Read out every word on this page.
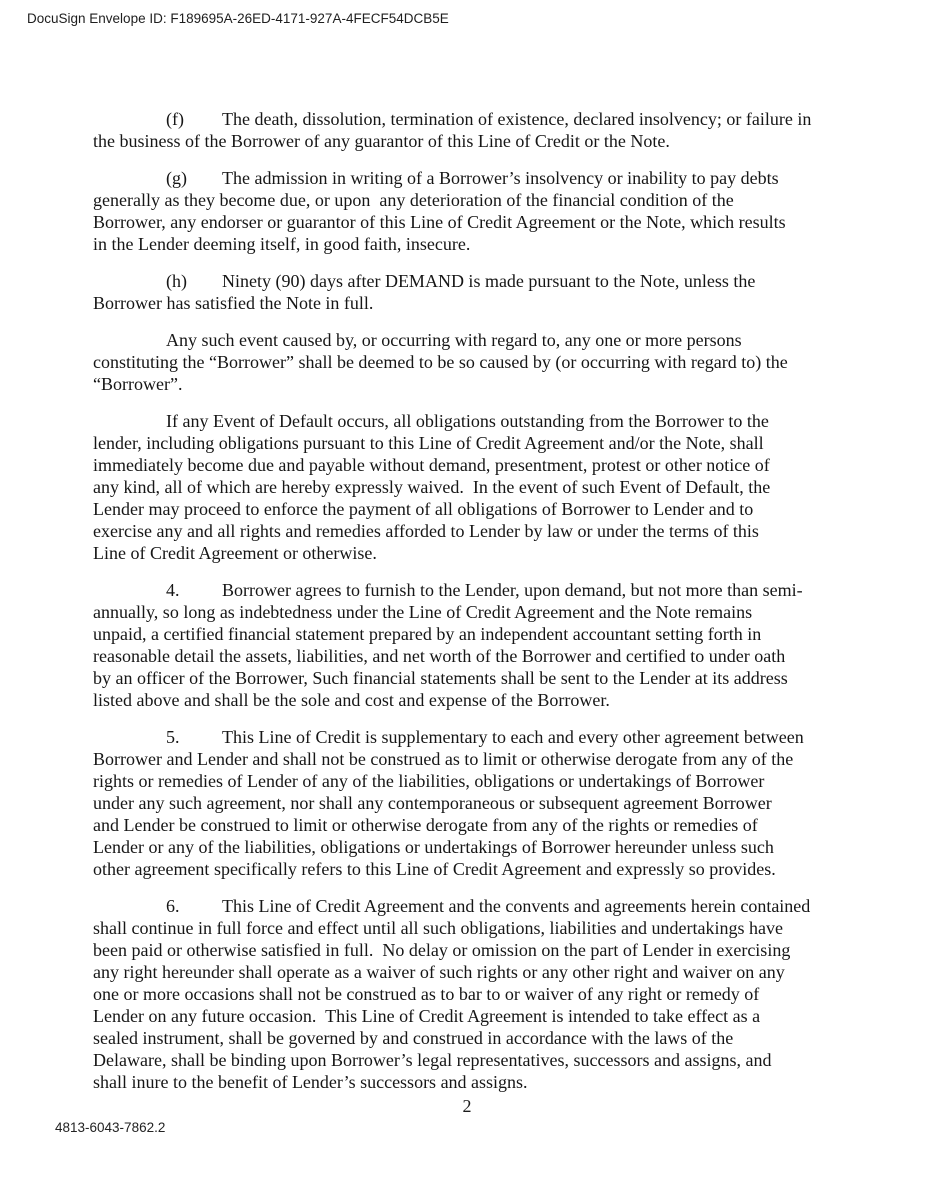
DocuSign Envelope ID: F189695A-26ED-4171-927A-4FECF54DCB5E
(f) The death, dissolution, termination of existence, declared insolvency; or failure in
the business of the Borrower of any guarantor of this Line of Credit or the Note.
(g) The admission in writing of a Borrower’s insolvency or inability to pay debts
generally as they become due, or upon  any deterioration of the financial condition of the
Borrower, any endorser or guarantor of this Line of Credit Agreement or the Note, which results
in the Lender deeming itself, in good faith, insecure.
(h) Ninety (90) days after DEMAND is made pursuant to the Note, unless the
Borrower has satisfied the Note in full.
Any such event caused by, or occurring with regard to, any one or more persons
constituting the “Borrower” shall be deemed to be so caused by (or occurring with regard to) the
“Borrower”.
If any Event of Default occurs, all obligations outstanding from the Borrower to the
lender, including obligations pursuant to this Line of Credit Agreement and/or the Note, shall
immediately become due and payable without demand, presentment, protest or other notice of
any kind, all of which are hereby expressly waived.  In the event of such Event of Default, the
Lender may proceed to enforce the payment of all obligations of Borrower to Lender and to
exercise any and all rights and remedies afforded to Lender by law or under the terms of this
Line of Credit Agreement or otherwise.
4. Borrower agrees to furnish to the Lender, upon demand, but not more than semi-
annually, so long as indebtedness under the Line of Credit Agreement and the Note remains
unpaid, a certified financial statement prepared by an independent accountant setting forth in
reasonable detail the assets, liabilities, and net worth of the Borrower and certified to under oath
by an officer of the Borrower, Such financial statements shall be sent to the Lender at its address
listed above and shall be the sole and cost and expense of the Borrower.
5. This Line of Credit is supplementary to each and every other agreement between
Borrower and Lender and shall not be construed as to limit or otherwise derogate from any of the
rights or remedies of Lender of any of the liabilities, obligations or undertakings of Borrower
under any such agreement, nor shall any contemporaneous or subsequent agreement Borrower
and Lender be construed to limit or otherwise derogate from any of the rights or remedies of
Lender or any of the liabilities, obligations or undertakings of Borrower hereunder unless such
other agreement specifically refers to this Line of Credit Agreement and expressly so provides.
6. This Line of Credit Agreement and the convents and agreements herein contained
shall continue in full force and effect until all such obligations, liabilities and undertakings have
been paid or otherwise satisfied in full.  No delay or omission on the part of Lender in exercising
any right hereunder shall operate as a waiver of such rights or any other right and waiver on any
one or more occasions shall not be construed as to bar to or waiver of any right or remedy of
Lender on any future occasion.  This Line of Credit Agreement is intended to take effect as a
sealed instrument, shall be governed by and construed in accordance with the laws of the
Delaware, shall be binding upon Borrower’s legal representatives, successors and assigns, and
shall inure to the benefit of Lender’s successors and assigns.
2
4813-6043-7862.2
